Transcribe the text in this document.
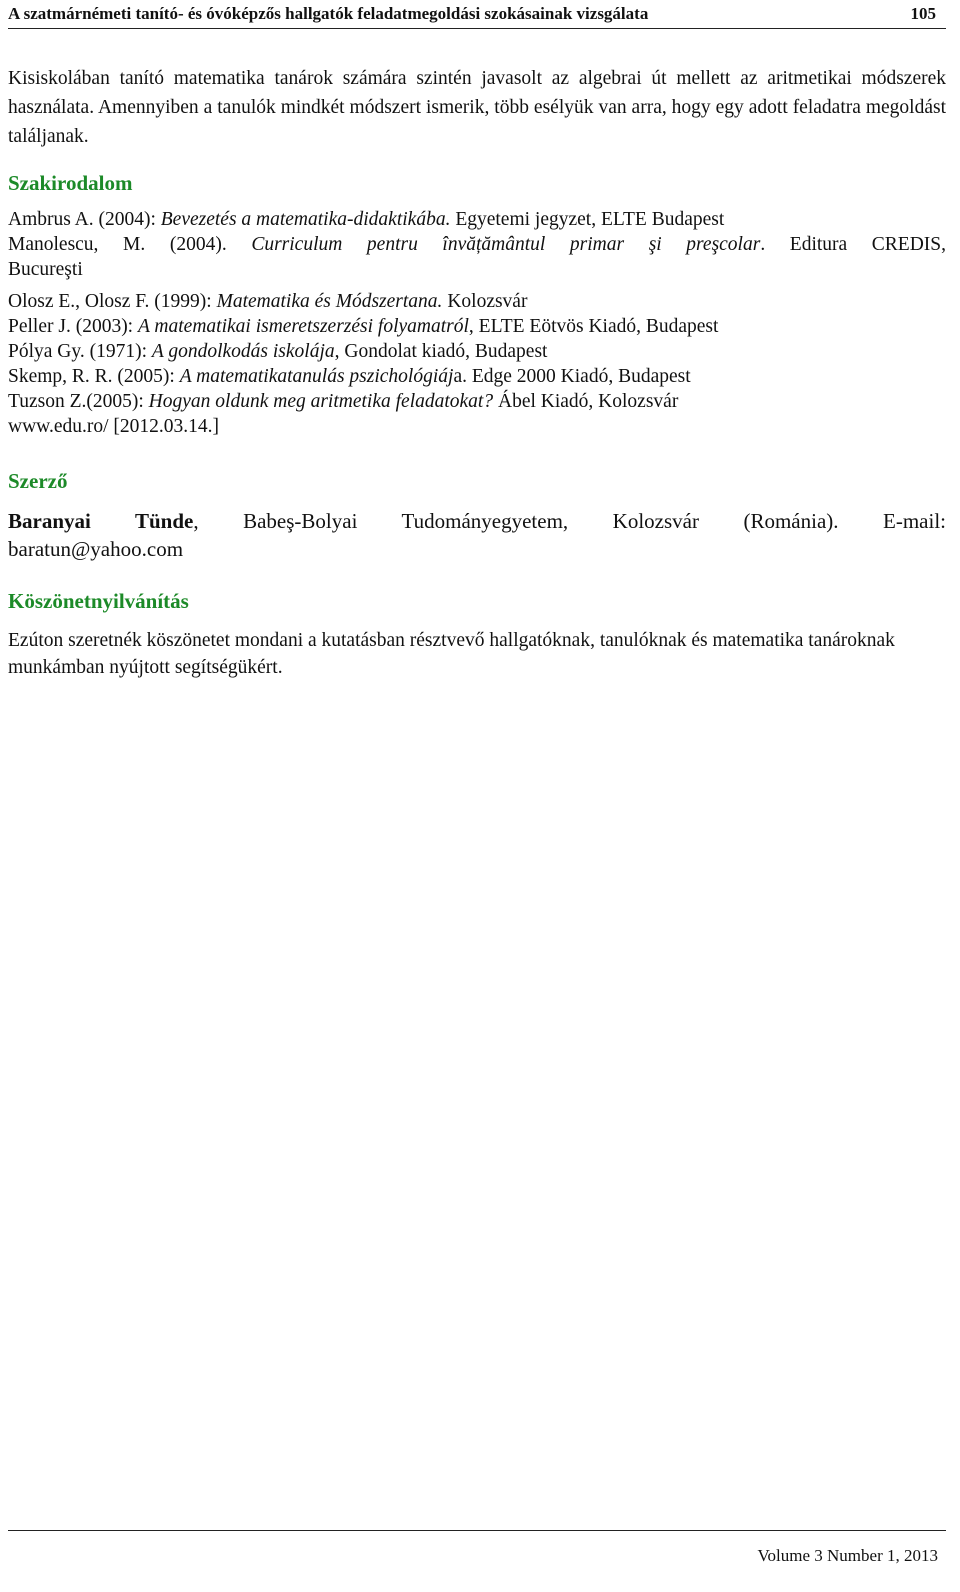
A szatmárnémeti tanító- és óvóképzős hallgatók feladatmegoldási szokásainak vizsgálata	105

Kisiskolában tanító matematika tanárok számára szintén javasolt az algebrai út mellett az aritmetikai módszerek használata. Amennyiben a tanulók mindkét módszert ismerik, több esélyük van arra, hogy egy adott feladatra megoldást találjanak.

Szakirodalom

Ambrus A. (2004): Bevezetés a matematika-didaktikába. Egyetemi jegyzet, ELTE Budapest

Manolescu, M. (2004). Curriculum pentru învățământul primar şi preşcolar. Editura CREDIS,

Bucureşti

Olosz E., Olosz F. (1999): Matematika és Módszertana. Kolozsvár

Peller J. (2003): A matematikai ismeretszerzési folyamatról, ELTE Eötvös Kiadó, Budapest

Pólya Gy. (1971): A gondolkodás iskolája, Gondolat kiadó, Budapest

Skemp, R. R. (2005): A matematikatanulás pszichológiája. Edge 2000 Kiadó, Budapest

Tuzson Z.(2005): Hogyan oldunk meg aritmetika feladatokat? Ábel Kiadó, Kolozsvár

www.edu.ro/ [2012.03.14.]

Szerző

Baranyai Tünde, Babeş-Bolyai Tudományegyetem, Kolozsvár (Románia). E-mail:

baratun@yahoo.com

Köszönetnyilvánítás

Ezúton szeretnék köszönetet mondani a kutatásban résztvevő hallgatóknak, tanulóknak és matematika tanároknak munkámban nyújtott segítségükért.

Volume 3 Number 1, 2013
